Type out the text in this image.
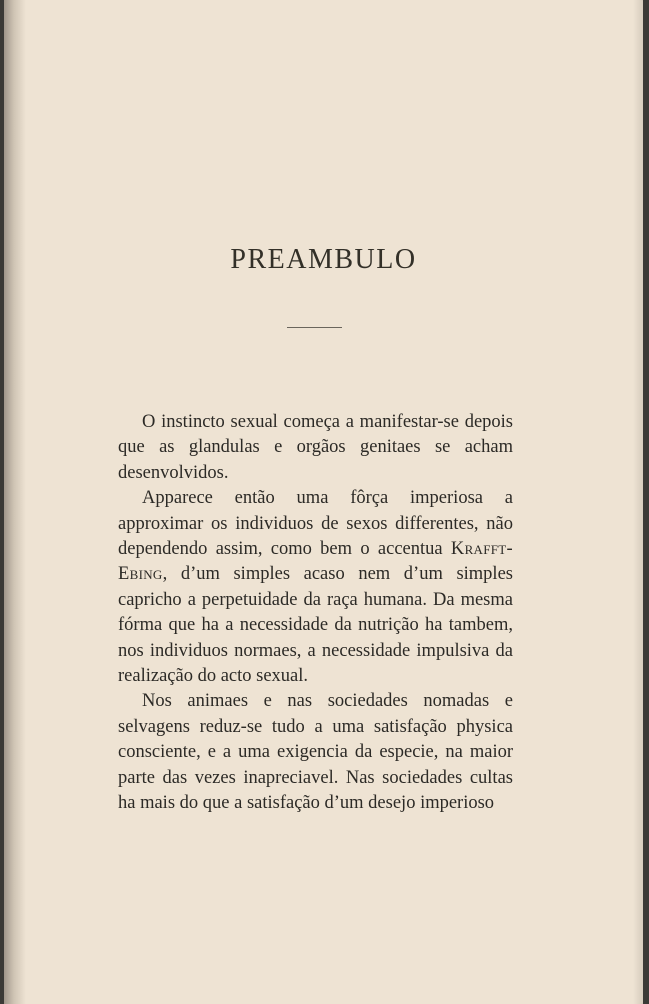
PREAMBULO

O instincto sexual começa a manifestar-se depois que as glandulas e orgãos genitaes se acham desenvolvidos.

Apparece então uma fôrça imperiosa a approximar os individuos de sexos differentes, não dependendo assim, como bem o accentua Krafft-Ebing, d’um simples acaso nem d’um simples capricho a perpetuidade da raça humana. Da mesma fórma que ha a necessidade da nutrição ha tambem, nos individuos normaes, a necessidade impulsiva da realização do acto sexual.

Nos animaes e nas sociedades nomadas e selvagens reduz-se tudo a uma satisfação physica consciente, e a uma exigencia da especie, na maior parte das vezes inapreciavel. Nas sociedades cultas ha mais do que a satisfação d’um desejo imperioso
